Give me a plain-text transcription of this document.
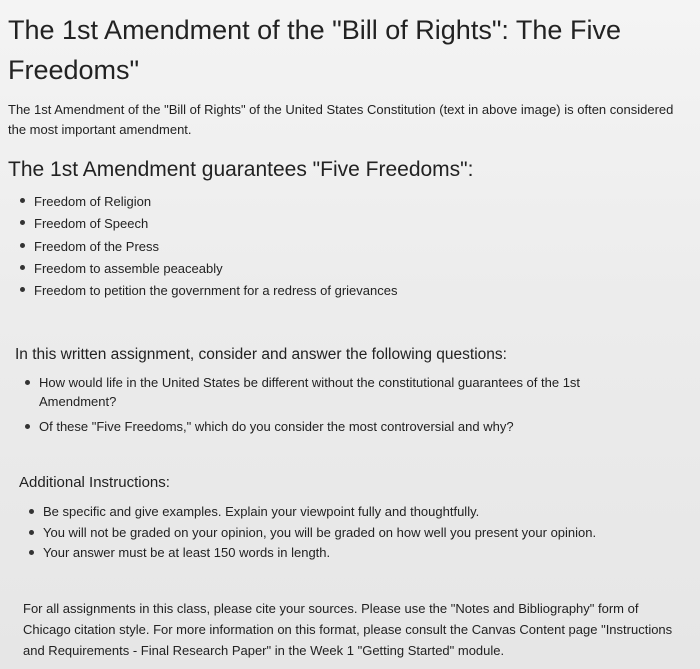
The 1st Amendment of the "Bill of Rights": The Five Freedoms"

The 1st Amendment of the "Bill of Rights" of the United States Constitution (text in above image) is often considered the most important amendment.

The 1st Amendment guarantees "Five Freedoms":
Freedom of Religion
Freedom of Speech
Freedom of the Press
Freedom to assemble peaceably
Freedom to petition the government for a redress of grievances

In this written assignment, consider and answer the following questions:

How would life in the United States be different without the constitutional guarantees of the 1st Amendment?
Of these "Five Freedoms," which do you consider the most controversial and why?

Additional Instructions:

Be specific and give examples. Explain your viewpoint fully and thoughtfully.
You will not be graded on your opinion, you will be graded on how well you present your opinion.
Your answer must be at least 150 words in length.

For all assignments in this class, please cite your sources. Please use the "Notes and Bibliography" form of Chicago citation style. For more information on this format, please consult the Canvas Content page "Instructions and Requirements - Final Research Paper" in the Week 1 "Getting Started" module.
